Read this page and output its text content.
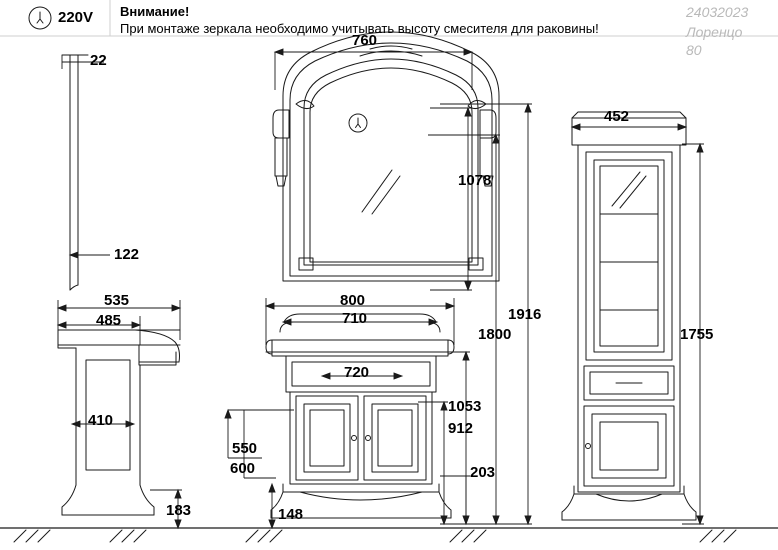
Внимание!
При монтаже зеркала необходимо учитывать высоту смесителя для раковины!
220V	24032023
Лоренцо
80
760
22
122
1078
535
485
410
183
800
710
720
550
600
148
203
912
1053
1800
1916
452
1755
